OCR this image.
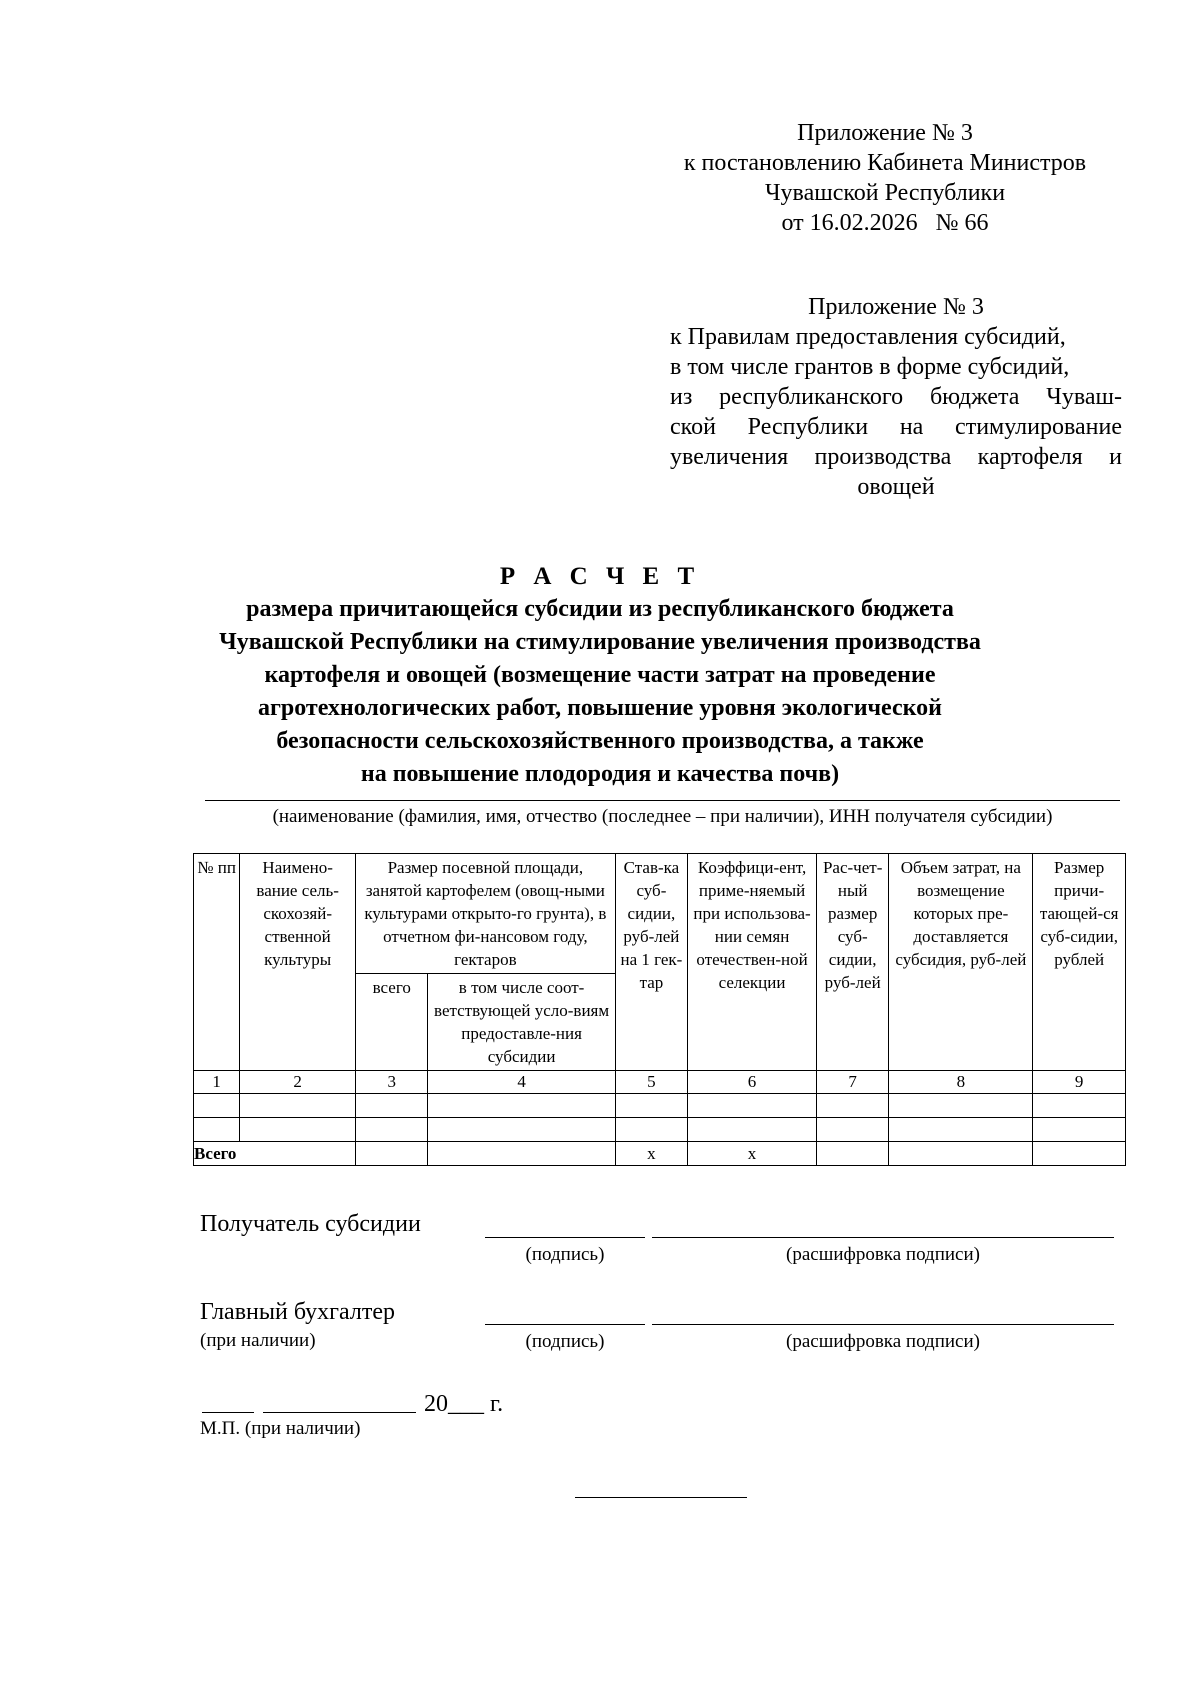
Приложение № 3
к постановлению Кабинета Министров
Чувашской Республики
от 16.02.2026   № 66
Приложение № 3
к Правилам предоставления субсидий,
в том числе грантов в форме субсидий,
из республиканского бюджета Чуваш-
ской Республики на стимулирование
увеличения производства картофеля и
овощей
Р А С Ч Е Т
размера причитающейся субсидии из республиканского бюджета
Чувашской Республики на стимулирование увеличения производства
картофеля и овощей (возмещение части затрат на проведение
агротехнологических работ, повышение уровня экологической
безопасности сельскохозяйственного производства, а также
на повышение плодородия и качества почв)
(наименование (фамилия, имя, отчество (последнее – при наличии), ИНН получателя субсидии)
№ пп	Наимено-вание сель-скохозяй-ственной культуры	Размер посевной площади, занятой картофелем (овощ-ными культурами открыто-го грунта), в отчетном фи-нансовом году, гектаров		Став-ка суб-сидии, руб-лей на 1 гек-тар	Коэффици-ент, приме-няемый при использова-нии семян отечествен-ной селекции	Рас-чет-ный размер суб-сидии, руб-лей	Объем затрат, на возмещение которых пре-доставляется субсидия, руб-лей	Размер причи-тающей-ся суб-сидии, рублей
		всего	в том числе соот-ветствующей усло-виям предоставле-ния субсидии					
1	2	3	4	5	6	7	8	9

Всего				x	x			
Получатель субсидии
(подпись)	(расшифровка подписи)
Главный бухгалтер
(при наличии)	(подпись)	(расшифровка подписи)
20___ г.
М.П. (при наличии)
